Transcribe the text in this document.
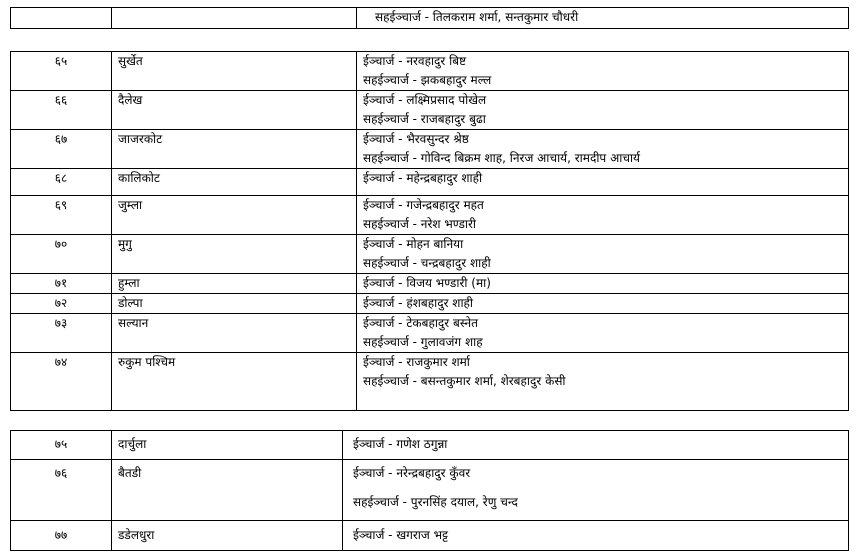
सहईञ्चार्ज - तिलकराम शर्मा, सन्तकुमार चौधरी
६५	सुर्खेत	ईञ्चार्ज - नरवहादुर बिष्ट
सहईञ्चार्ज - झकबहादुर मल्ल

६६	दैलेख	ईञ्चार्ज - लक्ष्मिप्रसाद पोखेल
सहईञ्चार्ज - राजबहादुर बुढा

६७	जाजरकोट	ईञ्चार्ज - भैरवसुन्दर श्रेष्ठ
सहईञ्चार्ज - गोविन्द बिक्रम शाह, निरज आचार्य, रामदीप आचार्य

६८	कालिकोट	ईञ्चार्ज - महेन्द्रबहादुर शाही

६९	जुम्ला	ईञ्चार्ज - गजेन्द्रबहादुर महत
सहईञ्चार्ज - नरेश भण्डारी

७०	मुगु	ईञ्चार्ज - मोहन बानिया
सहईञ्चार्ज - चन्द्रबहादुर शाही

७१	हुम्ला	ईञ्चार्ज - विजय भण्डारी (मा)

७२	डोल्पा	ईञ्चार्ज - हंशबहादुर शाही

७३	सल्यान	ईञ्चार्ज - टेकबहादुर बस्नेत
सहईञ्चार्ज - गुलावजंग शाह

७४	रुकुम पश्चिम	ईञ्चार्ज - राजकुमार शर्मा
सहईञ्चार्ज - बसन्तकुमार शर्मा, शेरबहादुर केसी
७५	दार्चुला	ईञ्चार्ज - गणेश ठगुन्ना

७६	बैतडी	ईञ्चार्ज - नरेन्द्रबहादुर कुँवर
सहईञ्चार्ज - पुरनसिंह दयाल, रेणु चन्द

७७	डडेलधुरा	ईञ्चार्ज - खगराज भट्ट
